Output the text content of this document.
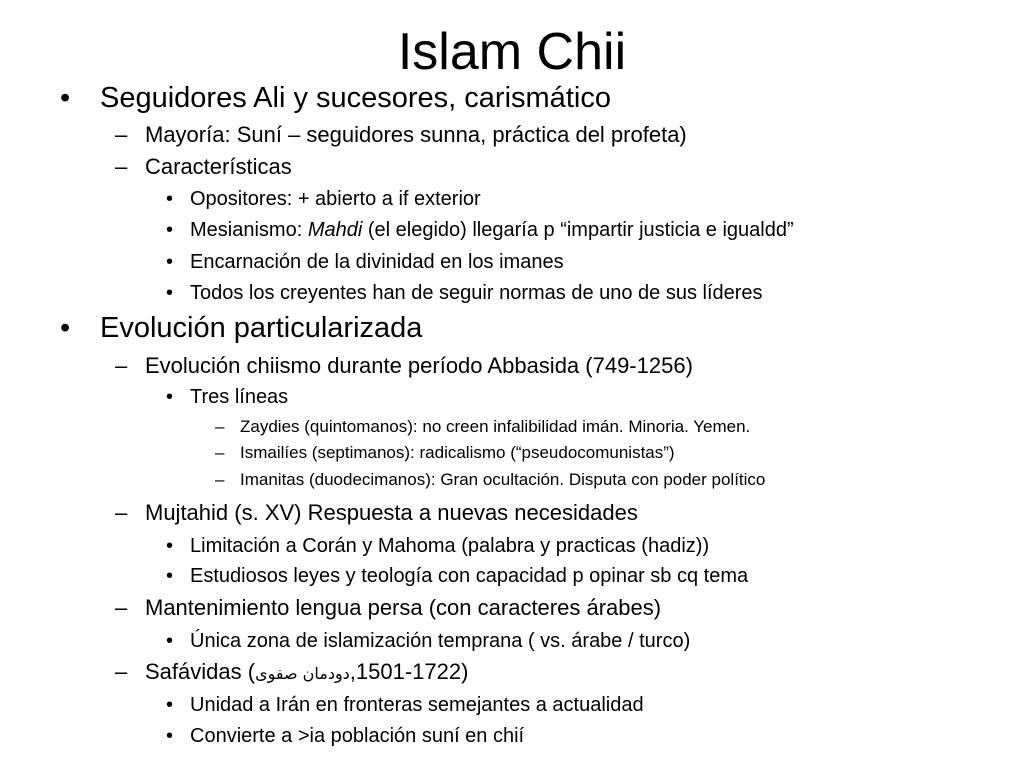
Islam Chii
• Seguidores Ali y sucesores, carismático
– Mayoría: Suní – seguidores sunna, práctica del profeta)
– Características
• Opositores: + abierto a if exterior
• Mesianismo: Mahdi (el elegido) llegaría p “impartir justicia e igualdd”
• Encarnación de la divinidad en los imanes
• Todos los creyentes han de seguir normas de uno de sus líderes
• Evolución particularizada
– Evolución chiismo durante período Abbasida (749-1256)
• Tres líneas
– Zaydies (quintomanos): no creen infalibilidad imán. Minoria. Yemen.
– Ismailíes (septimanos): radicalismo (“pseudocomunistas”)
– Imanitas (duodecimanos): Gran ocultación. Disputa con poder político
– Mujtahid (s. XV) Respuesta a nuevas necesidades
• Limitación a Corán y Mahoma (palabra y practicas (hadiz))
• Estudiosos leyes y teología con capacidad p opinar sb cq tema
– Mantenimiento lengua persa (con caracteres árabes)
• Única zona de islamización temprana ( vs. árabe / turco)
– Safávidas (دودمان صفوی,1501-1722)
• Unidad a Irán en fronteras semejantes a actualidad
• Convierte a >ia población suní en chií
